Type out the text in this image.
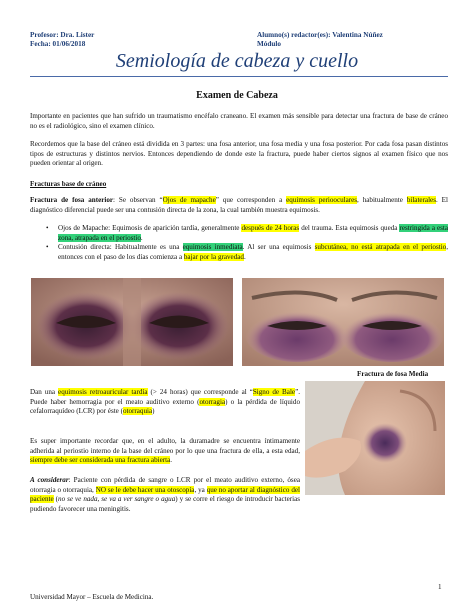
Profesor: Dra. Lister
Fecha: 01/06/2018
Alumno(s) redactor(es): Valentina Núñez
Módulo
Semiología de cabeza y cuello
Examen de Cabeza
Importante en pacientes que han sufrido un traumatismo encéfalo craneano. El examen más sensible para detectar una fractura de base de cráneo no es el radiológico, sino el examen clínico.
Recordemos que la base del cráneo está dividida en 3 partes: una fosa anterior, una fosa media y una fosa posterior. Por cada fosa pasan distintos tipos de estructuras y distintos nervios. Entonces dependiendo de donde este la fractura, puede haber ciertos signos al examen físico que nos pueden orientar al origen.
Fracturas base de cráneo
Fractura de fosa anterior: Se observan “Ojos de mapache” que corresponden a equimosis periooculares, habitualmente bilaterales. El diagnóstico diferencial puede ser una contusión directa de la zona, la cual también muestra equimosis.
• Ojos de Mapache: Equimosis de aparición tardía, generalmente después de 24 horas del trauma. Esta equimosis queda restringida a esta zona, atrapada en el periostio.
• Contusión directa: Habitualmente es una equimosis inmediata. Al ser una equimosis subcutánea, no está atrapada en el periostio, entonces con el paso de los días comienza a bajar por la gravedad.
Fractura de fosa Media
Dan una equimosis retroauricular tardía (> 24 horas) que corresponde al “Signo de Bale”. Puede haber hemorragia por el meato auditivo externo (otorragia) o la pérdida de líquido cefalorraquídeo (LCR) por éste (otorraquia)
Es super importante recordar que, en el adulto, la duramadre se encuentra íntimamente adherida al periostio interno de la base del cráneo por lo que una fractura de ella, a esta edad, siempre debe ser considerada una fractura abierta.
A considerar: Paciente con pérdida de sangre o LCR por el meato auditivo externo, ósea otorragia o otorraquia, NO se le debe hacer una otoscopía, ya que no aportar al diagnóstico del paciente (no se ve nada, se va a ver sangre o agua) y se corre el riesgo de introducir bacterias pudiendo favorecer una meningitis.
1
Universidad Mayor – Escuela de Medicina.
